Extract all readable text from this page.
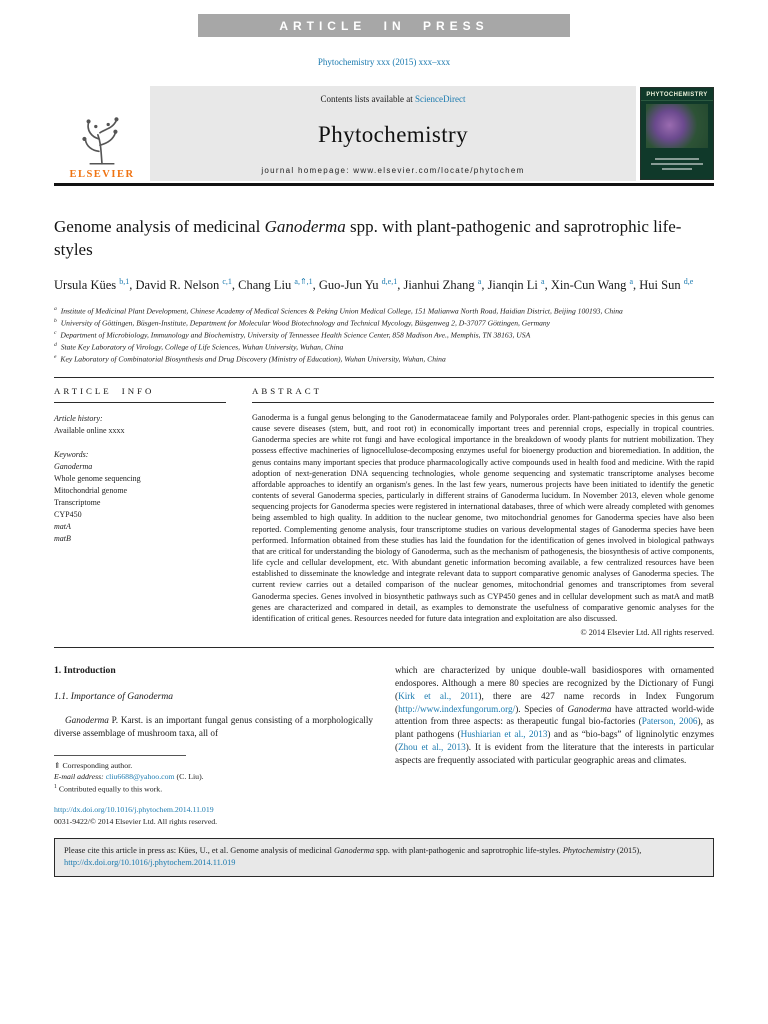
ARTICLE IN PRESS
Phytochemistry xxx (2015) xxx–xxx
ELSEVIER
Contents lists available at ScienceDirect
Phytochemistry
journal homepage: www.elsevier.com/locate/phytochem
PHYTOCHEMISTRY
Genome analysis of medicinal Ganoderma spp. with plant-pathogenic and saprotrophic life-styles
Ursula Kües $^{b,1}$, David R. Nelson $^{c,1}$, Chang Liu $^{a,⇑,1}$, Guo-Jun Yu $^{d,e,1}$, Jianhui Zhang $^a$, Jianqin Li $^a$, Xin-Cun Wang $^a$, Hui Sun $^{d,e}$
$^a$ Institute of Medicinal Plant Development, Chinese Academy of Medical Sciences & Peking Union Medical College, 151 Malianwa North Road, Haidian District, Beijing 100193, China
$^b$ University of Göttingen, Büsgen-Institute, Department for Molecular Wood Biotechnology and Technical Mycology, Büsgenweg 2, D-37077 Göttingen, Germany
$^c$ Department of Microbiology, Immunology and Biochemistry, University of Tennessee Health Science Center, 858 Madison Ave., Memphis, TN 38163, USA
$^d$ State Key Laboratory of Virology, College of Life Sciences, Wuhan University, Wuhan, China
$^e$ Key Laboratory of Combinatorial Biosynthesis and Drug Discovery (Ministry of Education), Wuhan University, Wuhan, China
ARTICLE INFO
Article history:
Available online xxxx
Keywords:
Ganoderma
Whole genome sequencing
Mitochondrial genome
Transcriptome
CYP450
matA
matB
ABSTRACT
Ganoderma is a fungal genus belonging to the Ganodermataceae family and Polyporales order. Plant-pathogenic species in this genus can cause severe diseases (stem, butt, and root rot) in economically important trees and perennial crops, especially in tropical countries. Ganoderma species are white rot fungi and have ecological importance in the breakdown of woody plants for nutrient mobilization. They possess effective machineries of lignocellulose-decomposing enzymes useful for bioenergy production and bioremediation. In addition, the genus contains many important species that produce pharmacologically active compounds used in health food and medicine. With the rapid adoption of next-generation DNA sequencing technologies, whole genome sequencing and systematic transcriptome analyses become affordable approaches to identify an organism's genes. In the last few years, numerous projects have been initiated to identify the genetic contents of several Ganoderma species, particularly in different strains of Ganoderma lucidum. In November 2013, eleven whole genome sequencing projects for Ganoderma species were registered in international databases, three of which were already completed with genomes being assembled to high quality. In addition to the nuclear genome, two mitochondrial genomes for Ganoderma species have also been reported. Complementing genome analysis, four transcriptome studies on various developmental stages of Ganoderma species have been performed. Information obtained from these studies has laid the foundation for the identification of genes involved in biological pathways that are critical for understanding the biology of Ganoderma, such as the mechanism of pathogenesis, the biosynthesis of active components, life cycle and cellular development, etc. With abundant genetic information becoming available, a few centralized resources have been established to disseminate the knowledge and integrate relevant data to support comparative genomic analyses of Ganoderma species. The current review carries out a detailed comparison of the nuclear genomes, mitochondrial genomes and transcriptomes from several Ganoderma species. Genes involved in biosynthetic pathways such as CYP450 genes and in cellular development such as matA and matB genes are characterized and compared in detail, as examples to demonstrate the usefulness of comparative genomic analyses for the identification of critical genes. Resources needed for future data integration and exploitation are also discussed.
© 2014 Elsevier Ltd. All rights reserved.
1. Introduction
1.1. Importance of Ganoderma
Ganoderma P. Karst. is an important fungal genus consisting of a morphologically diverse assemblage of mushroom taxa, all of
⇑ Corresponding author.
E-mail address: cliu6688@yahoo.com (C. Liu).
$^1$ Contributed equally to this work.
http://dx.doi.org/10.1016/j.phytochem.2014.11.019
0031-9422/© 2014 Elsevier Ltd. All rights reserved.
which are characterized by unique double-wall basidiospores with ornamented endospores. Although a mere 80 species are recognized by the Dictionary of Fungi (Kirk et al., 2011), there are 427 name records in Index Fungorum (http://www.indexfungorum.org/). Species of Ganoderma have attracted world-wide attention from three aspects: as therapeutic fungal bio-factories (Paterson, 2006), as plant pathogens (Hushiarian et al., 2013) and as “bio-bags” of ligninolytic enzymes (Zhou et al., 2013). It is evident from the literature that the interests in particular aspects are frequently associated with particular geographic areas and climates.
Please cite this article in press as: Kües, U., et al. Genome analysis of medicinal Ganoderma spp. with plant-pathogenic and saprotrophic life-styles. Phytochemistry (2015), http://dx.doi.org/10.1016/j.phytochem.2014.11.019
